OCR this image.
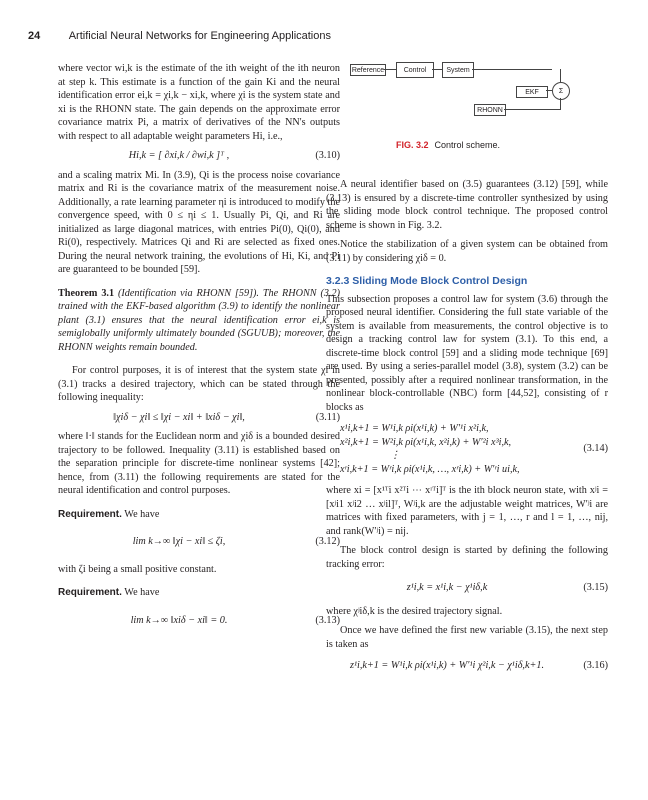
24	Artificial Neural Networks for Engineering Applications
Reference	Control	System
EKF	Σ
RHONN
FIG. 3.2 Control scheme.

where vector wi,k is the estimate of the ith weight of the ith neuron at step k. This estimate is a function of the gain Ki and the neural identification error ei,k = χi,k − xi,k, where χi is the system state and xi is the RHONN state. The gain depends on the approximate error covariance matrix Pi, a matrix of derivatives of the NN's outputs with respect to all adaptable weight parameters Hi, i.e.,

Hi,k = [ ∂xi,k / ∂wi,k ]ᵀ ,	(3.10)

and a scaling matrix Mi. In (3.9), Qi is the process noise covariance matrix and Ri is the covariance matrix of the measurement noise. Additionally, a rate learning parameter ηi is introduced to modify the convergence speed, with 0 ≤ ηi ≤ 1. Usually Pi, Qi, and Ri are initialized as large diagonal matrices, with entries Pi(0), Qi(0), and Ri(0), respectively. Matrices Qi and Ri are selected as fixed ones. During the neural network training, the evolutions of Hi, Ki, and Pi are guaranteed to be bounded [59].

Theorem 3.1 (Identification via RHONN [59]). The RHONN (3.2) trained with the EKF-based algorithm (3.9) to identify the nonlinear plant (3.1) ensures that the neural identification error ei,k is semiglobally uniformly ultimately bounded (SGUUB); moreover, the RHONN weights remain bounded.

For control purposes, it is of interest that the system state χi in (3.1) tracks a desired trajectory, which can be stated through the following inequality:

‖χiδ − χi‖ ≤ ‖χi − xi‖ + ‖xiδ − χi‖,	(3.11)

where ‖·‖ stands for the Euclidean norm and χiδ is a bounded desired trajectory to be followed. Inequality (3.11) is established based on the separation principle for discrete-time nonlinear systems [42]; hence, from (3.11) the following requirements are stated for the neural identification and control purposes.

Requirement. We have

lim k→∞ ‖χi − xi‖ ≤ ζi,	(3.12)

with ζi being a small positive constant.

Requirement. We have

lim k→∞ ‖xiδ − xi‖ = 0.	(3.13)

A neural identifier based on (3.5) guarantees (3.12) [59], while (3.13) is ensured by a discrete-time controller synthesized by using the sliding mode block control technique. The proposed control scheme is shown in Fig. 3.2.

Notice the stabilization of a given system can be obtained from (3.11) by considering χiδ = 0.

3.2.3 Sliding Mode Block Control Design

This subsection proposes a control law for system (3.6) through the proposed neural identifier. Considering the full state variable of the system is available from measurements, the control objective is to design a tracking control law for system (3.1). To this end, a discrete-time block control [59] and a sliding mode technique [69] are used. By using a series-parallel model (3.8), system (3.2) can be presented, possibly after a required nonlinear transformation, in the nonlinear block-controllable (NBC) form [44,52], consisting of r blocks as

x¹i,k+1 = W¹i,k ρi(x¹i,k) + W′¹i x²i,k,
x²i,k+1 = W²i,k ρi(x¹i,k, x²i,k) + W′²i x³i,k,
⋮
xʳi,k+1 = Wʳi,k ρi(x¹i,k, …, xʳi,k) + W′ʳi ui,k,
(3.14)

where xi = [x¹ᵀi x²ᵀi ⋯ xʳᵀi]ᵀ is the ith block neuron state, with xʲi = [xʲi1 xʲi2 … xʲil]ᵀ, Wʲi,k are the adjustable weight matrices, W′ʲi are matrices with fixed parameters, with j = 1, …, r and l = 1, …, nij, and rank(W′ʲi) = nij.

The block control design is started by defining the following tracking error:

z¹i,k = x¹i,k − χ¹iδ,k	(3.15)

where χʲiδ,k is the desired trajectory signal.

Once we have defined the first new variable (3.15), the next step is taken as

z¹i,k+1 = W¹i,k ρi(x¹i,k) + W′¹i χ²i,k − χ¹iδ,k+1.	(3.16)
